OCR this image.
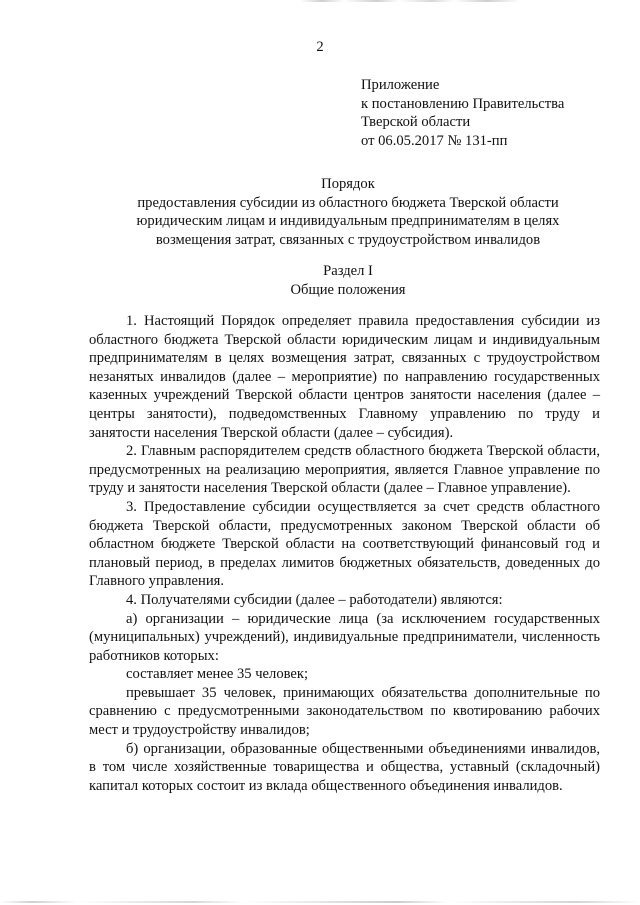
2
Приложение
к постановлению Правительства
Тверской области
от 06.05.2017 № 131-пп
Порядок
предоставления субсидии из областного бюджета Тверской области
юридическим лицам и индивидуальным предпринимателям в целях
возмещения затрат, связанных с трудоустройством инвалидов
Раздел I
Общие положения

1. Настоящий Порядок определяет правила предоставления субсидии из областного бюджета Тверской области юридическим лицам и индивидуальным предпринимателям в целях возмещения затрат, связанных с трудоустройством незанятых инвалидов (далее – мероприятие) по направлению государственных казенных учреждений Тверской области центров занятости населения (далее – центры занятости), подведомственных Главному управлению по труду и занятости населения Тверской области (далее – субсидия).

2. Главным распорядителем средств областного бюджета Тверской области, предусмотренных на реализацию мероприятия, является Главное управление по труду и занятости населения Тверской области (далее – Главное управление).

3. Предоставление субсидии осуществляется за счет средств областного бюджета Тверской области, предусмотренных законом Тверской области об областном бюджете Тверской области на соответствующий финансовый год и плановый период, в пределах лимитов бюджетных обязательств, доведенных до Главного управления.

4. Получателями субсидии (далее – работодатели) являются:

а) организации – юридические лица (за исключением государственных (муниципальных) учреждений), индивидуальные предприниматели, численность работников которых:

составляет менее 35 человек;

превышает 35 человек, принимающих обязательства дополнительные по сравнению с предусмотренными законодательством по квотированию рабочих мест и трудоустройству инвалидов;

б) организации, образованные общественными объединениями инвалидов, в том числе хозяйственные товарищества и общества, уставный (складочный) капитал которых состоит из вклада общественного объединения инвалидов.
